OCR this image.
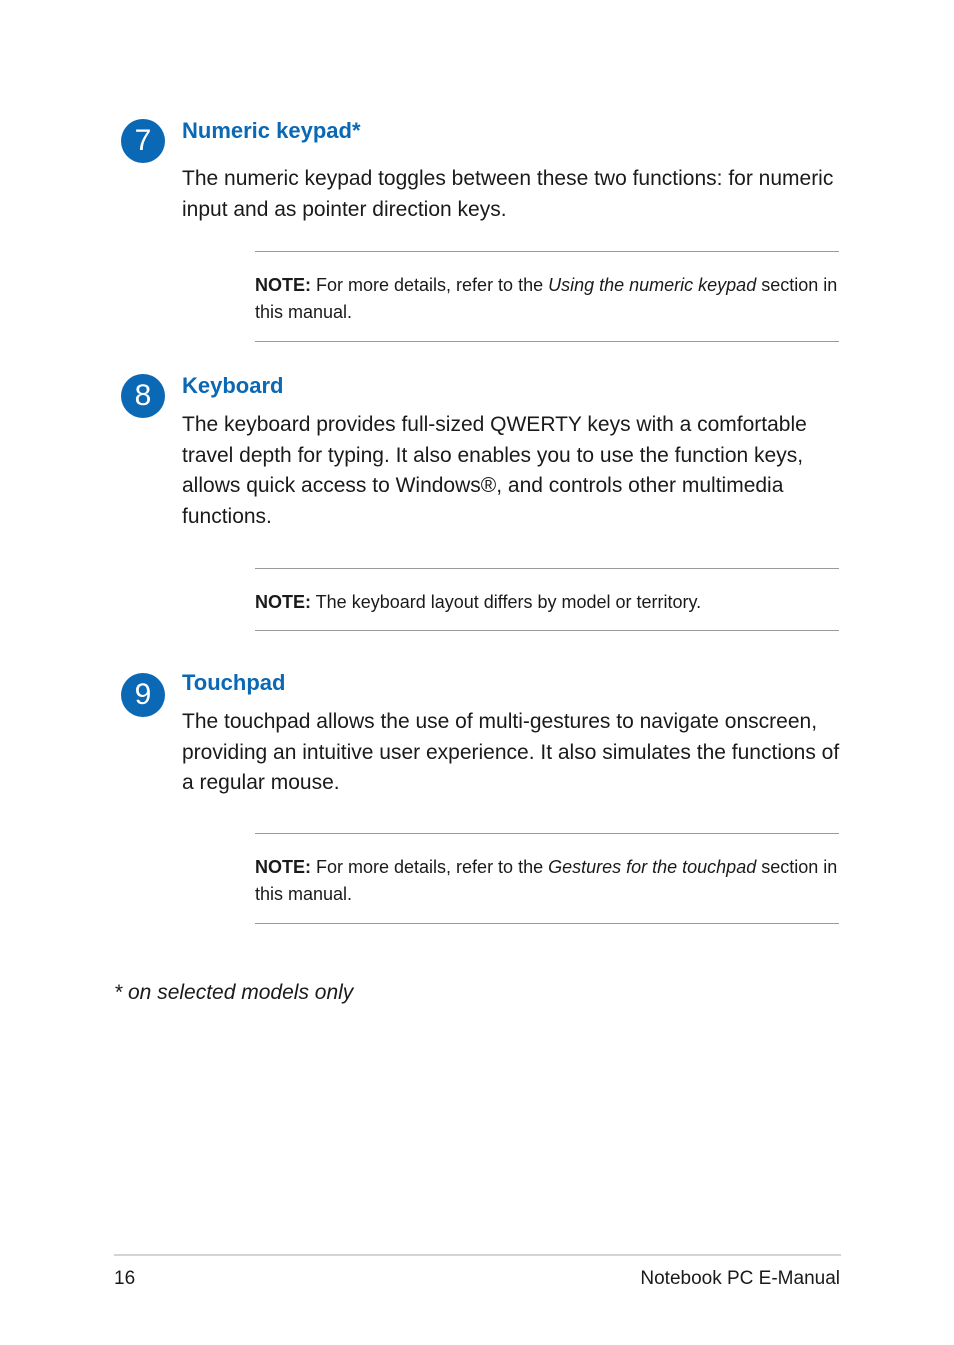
7	Numeric keypad*

The numeric keypad toggles between these two functions: for numeric input and as pointer direction keys.

NOTE: For more details, refer to the Using the numeric keypad section in this manual.

8	Keyboard

The keyboard provides full-sized QWERTY keys with a comfortable travel depth for typing. It also enables you to use the function keys, allows quick access to Windows®, and controls other multimedia functions.

NOTE: The keyboard layout differs by model or territory.

9	Touchpad

The touchpad allows the use of multi-gestures to navigate onscreen, providing an intuitive user experience. It also simulates the functions of a regular mouse.

NOTE: For more details, refer to the Gestures for the touchpad section in this manual.

* on selected models only

16	Notebook PC E-Manual
